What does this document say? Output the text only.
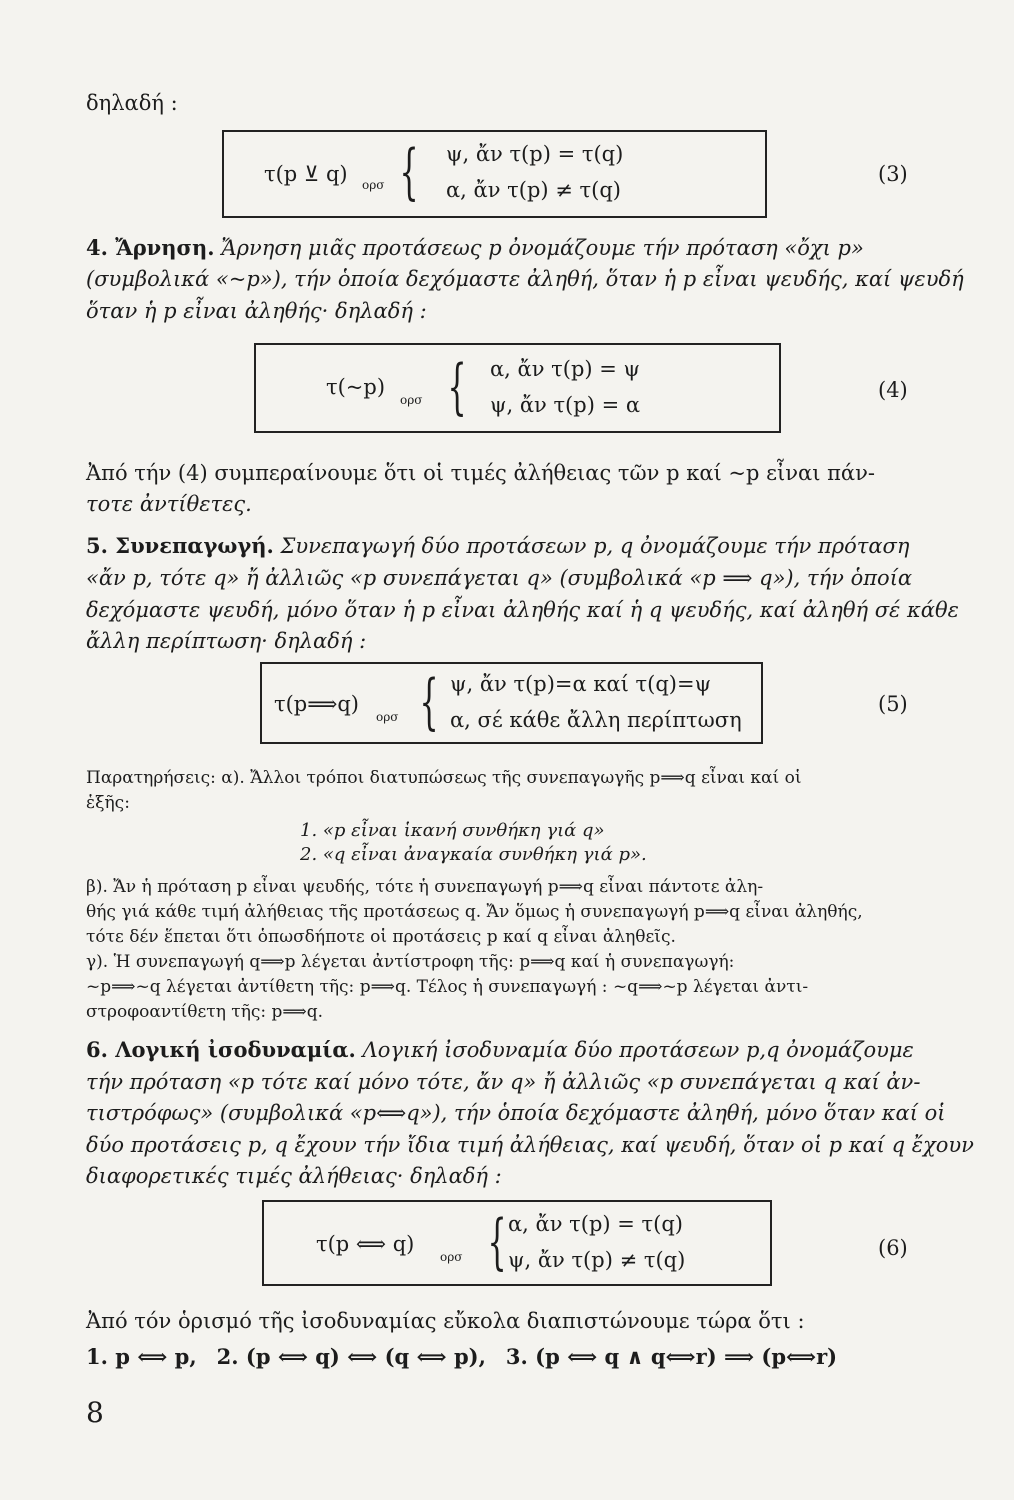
δηλαδή :
τ(p ⊻ q) ορσ { ψ, ἄν τ(p) = τ(q)
α, ἄν τ(p) ≠ τ(q)
(3)
4. Ἄρνηση. Ἄρνηση μιᾶς προτάσεως p ὀνομάζουμε τήν πρόταση «ὄχι p»
(συμβολικά «~p»), τήν ὁποία δεχόμαστε ἀληθή, ὅταν ἡ p εἶναι ψευδής, καί ψευδή
ὅταν ἡ p εἶναι ἀληθής· δηλαδή :
τ(~p)
ορσ { α, ἄν τ(p) = ψ
ψ, ἄν τ(p) = α
(4)
Ἀπό τήν (4) συμπεραίνουμε ὅτι οἱ τιμές ἀλήθειας τῶν p καί ~p εἶναι πάν-
τοτε ἀντίθετες.
5. Συνεπαγωγή. Συνεπαγωγή δύο προτάσεων p, q ὀνομάζουμε τήν πρόταση
«ἄν p, τότε q» ἤ ἀλλιῶς «p συνεπάγεται q» (συμβολικά «p ⟹ q»), τήν ὁποία
δεχόμαστε ψευδή, μόνο ὅταν ἡ p εἶναι ἀληθής καί ἡ q ψευδής, καί ἀληθή σέ κάθε
ἄλλη περίπτωση· δηλαδή :
τ(p⟹q)
ορσ { ψ, ἄν τ(p)=α καί τ(q)=ψ
α, σέ κάθε ἄλλη περίπτωση
(5)
Παρατηρήσεις: α). Ἄλλοι τρόποι διατυπώσεως τῆς συνεπαγωγῆς p⟹q εἶναι καί οἱ
ἑξῆς:
1. «p εἶναι ἱκανή συνθήκη γιά q»
2. «q εἶναι ἀναγκαία συνθήκη γιά p».
β). Ἄν ἡ πρόταση p εἶναι ψευδής, τότε ἡ συνεπαγωγή p⟹q εἶναι πάντοτε ἀλη-
θής γιά κάθε τιμή ἀλήθειας τῆς προτάσεως q. Ἄν ὅμως ἡ συνεπαγωγή p⟹q εἶναι ἀληθής,
τότε δέν ἕπεται ὅτι ὁπωσδήποτε οἱ προτάσεις p καί q εἶναι ἀληθεῖς.
γ). Ἡ συνεπαγωγή q⟹p λέγεται ἀντίστροφη τῆς: p⟹q καί ἡ συνεπαγωγή:
~p⟹~q λέγεται ἀντίθετη τῆς: p⟹q. Τέλος ἡ συνεπαγωγή : ~q⟹~p λέγεται ἀντι-
στροφοαντίθετη τῆς: p⟹q.
6. Λογική ἰσοδυναμία. Λογική ἰσοδυναμία δύο προτάσεων p,q ὀνομάζουμε
τήν πρόταση «p τότε καί μόνο τότε, ἄν q» ἤ ἀλλιῶς «p συνεπάγεται q καί ἀν-
τιστρόφως» (συμβολικά «p⟺q»), τήν ὁποία δεχόμαστε ἀληθή, μόνο ὅταν καί οἱ
δύο προτάσεις p, q ἔχουν τήν ἴδια τιμή ἀλήθειας, καί ψευδή, ὅταν οἱ p καί q ἔχουν
διαφορετικές τιμές ἀλήθειας· δηλαδή :
τ(p ⟺ q)
ορσ { α, ἄν τ(p) = τ(q)
ψ, ἄν τ(p) ≠ τ(q)	(6)
Ἀπό τόν ὁρισμό τῆς ἰσοδυναμίας εὔκολα διαπιστώνουμε τώρα ὅτι :
1. p ⟺ p, 2. (p ⟺ q) ⟺ (q ⟺ p), 3. (p ⟺ q ∧ q⟺r) ⟹ (p⟺r)
8
